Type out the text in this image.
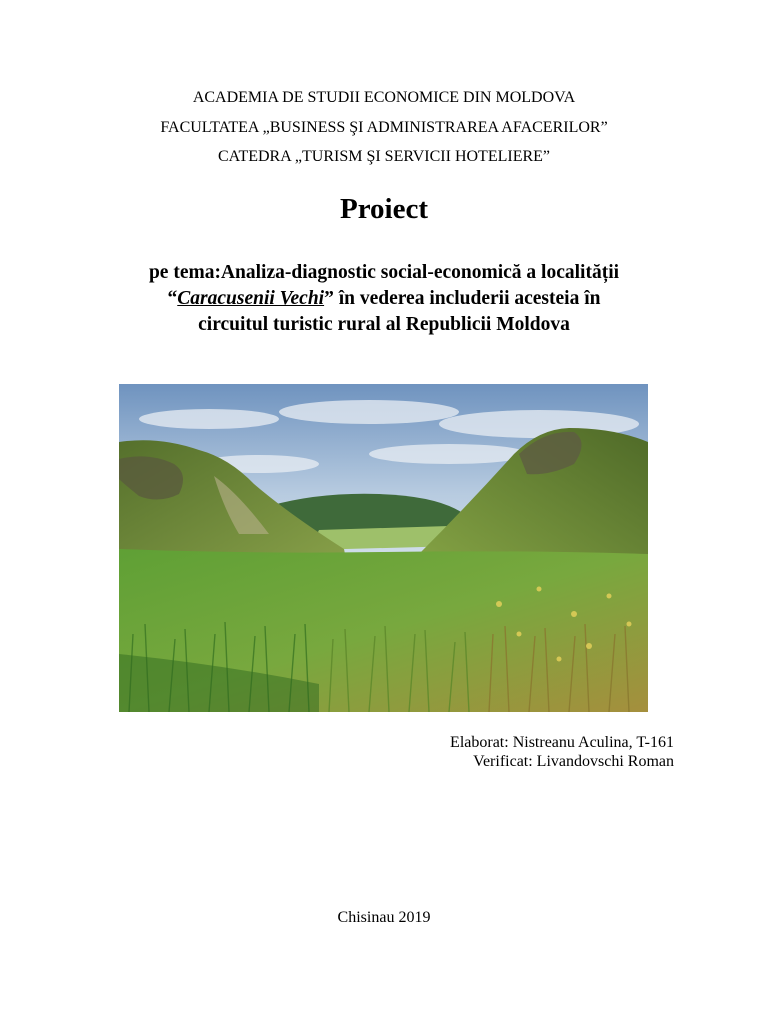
ACADEMIA DE STUDII ECONOMICE DIN MOLDOVA
FACULTATEA „BUSINESS ŞI ADMINISTRAREA AFACERILOR”
CATEDRA „TURISM ŞI SERVICII HOTELIERE”
Proiect
pe tema:Analiza-diagnostic social-economică a localității
“Caracusenii Vechi” în vederea includerii acesteia în
circuitul turistic rural al Republicii Moldova
Elaborat: Nistreanu Aculina, T-161
Verificat: Livandovschi Roman
Chisinau 2019
